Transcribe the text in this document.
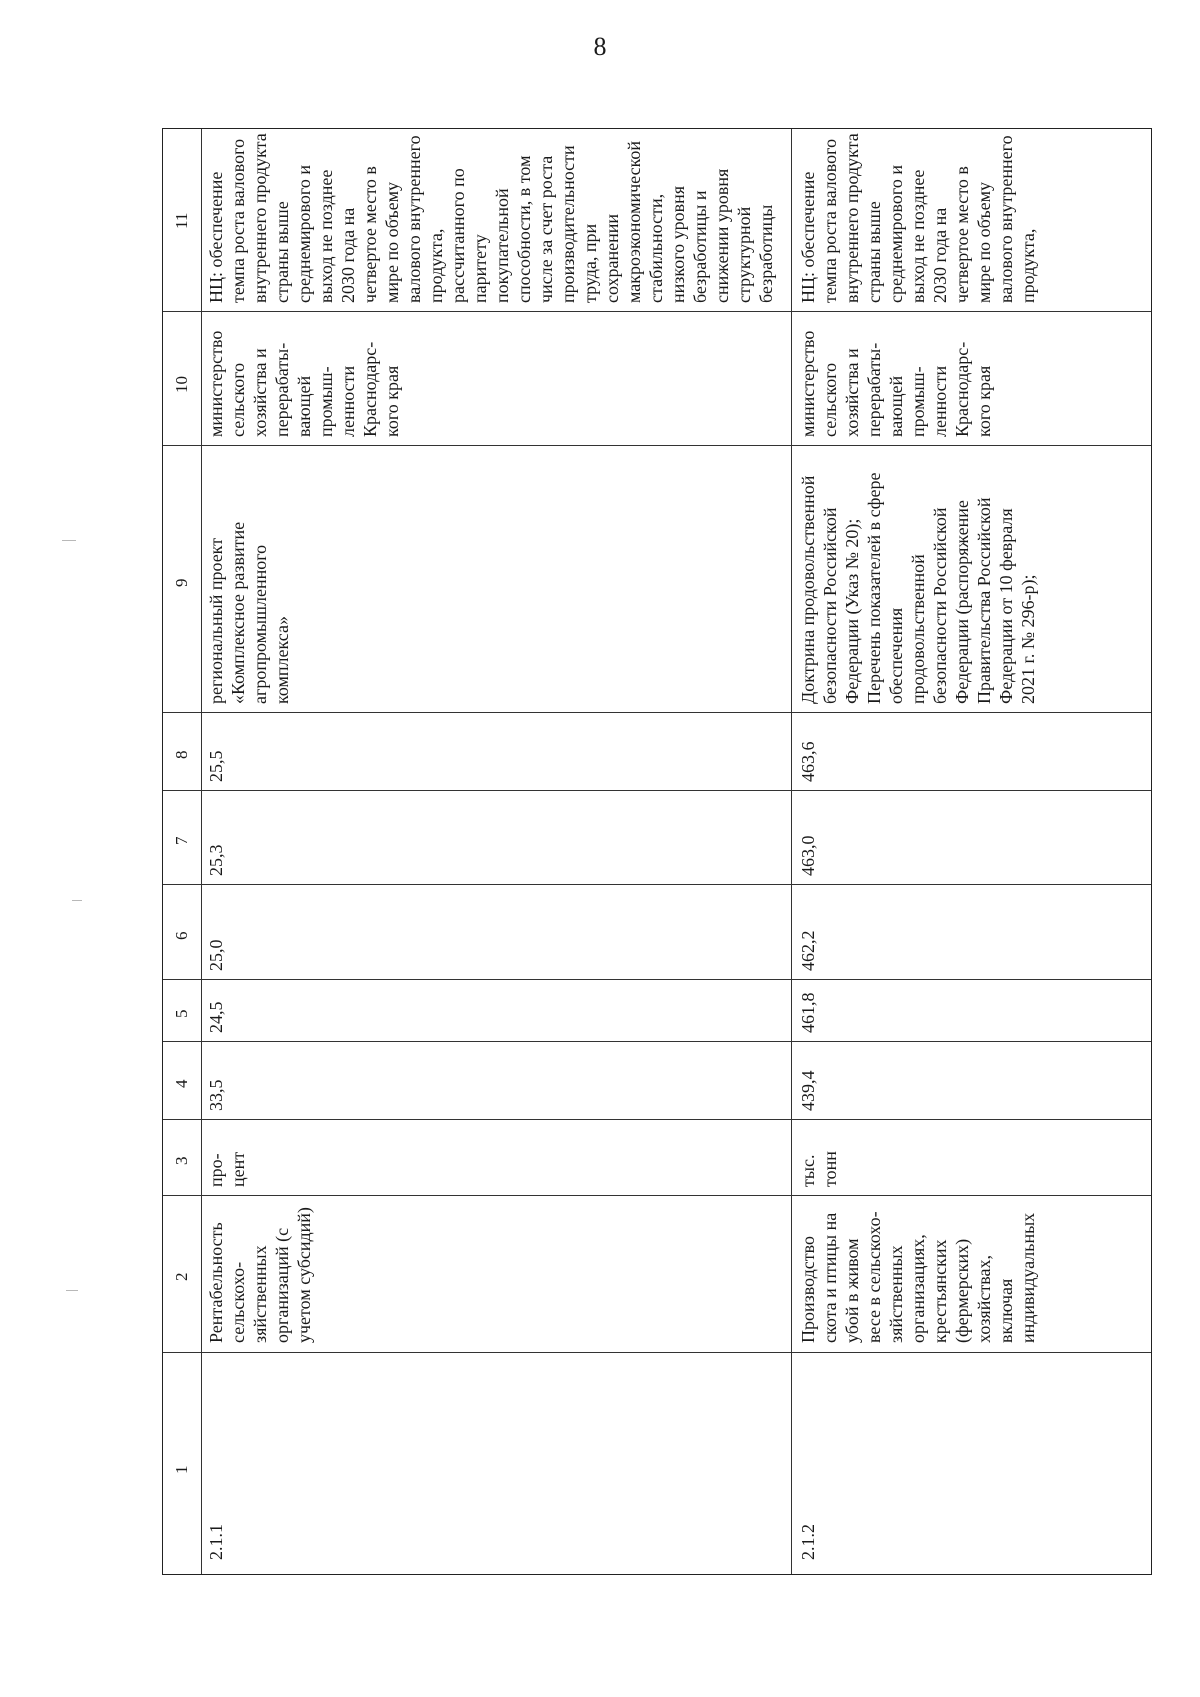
8
11
10
9
8
7
6
5
4
3
2
1
2.1.1
Рентабельность
сельскохо-
зяйственных
организаций (с
учетом субсидий)
про-
цент
33,5
24,5
25,0
25,3
25,5
региональный проект
«Комплексное развитие
агропромышленного
комплекса»
министерство
сельского
хозяйства и
перерабаты-
вающей
промыш-
ленности
Краснодарс-
кого края
НЦ: обеспечение
темпа роста валового
внутреннего продукта
страны выше
среднемирового и
выход не позднее
2030 года на
четвертое место в
мире по объему
валового внутреннего
продукта,
рассчитанного по
паритету
покупательной
способности, в том
числе за счет роста
производительности
труда, при
сохранении
макроэкономической
стабильности,
низкого уровня
безработицы и
снижении уровня
структурной
безработицы
2.1.2
Производство
скота и птицы на
убой в живом
весе в сельскохо-
зяйственных
организациях,
крестьянских
(фермерских)
хозяйствах,
включая
индивидуальных
тыс.
тонн
439,4
461,8
462,2
463,0
463,6
Доктрина продовольственной
безопасности Российской
Федерации (Указ № 20);
Перечень показателей в сфере
обеспечения
продовольственной
безопасности Российской
Федерации (распоряжение
Правительства Российской
Федерации от 10 февраля
2021 г. № 296-р);
министерство
сельского
хозяйства и
перерабаты-
вающей
промыш-
ленности
Краснодарс-
кого края
НЦ: обеспечение
темпа роста валового
внутреннего продукта
страны выше
среднемирового и
выход не позднее
2030 года на
четвертое место в
мире по объему
валового внутреннего
продукта,
